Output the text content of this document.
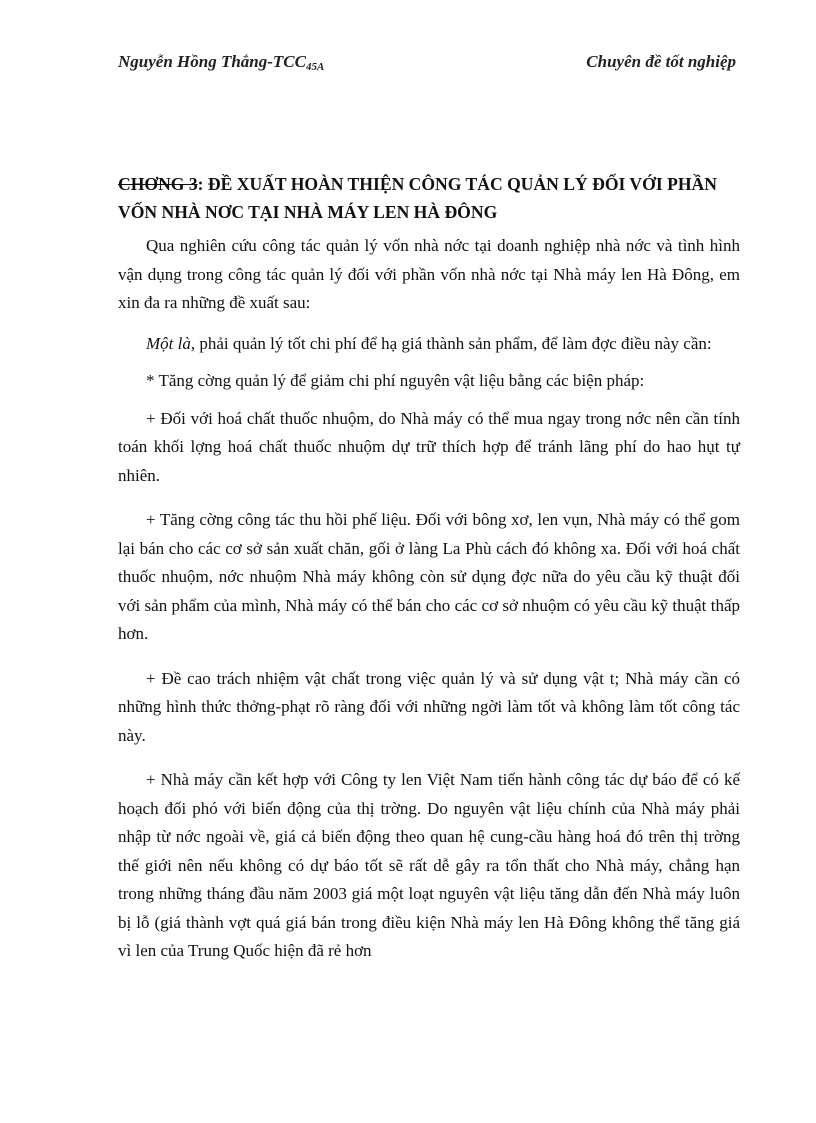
Nguyễn Hồng Thắng-$TCC_{45A}$	Chuyên đề tốt nghiệp
CHƠNG 3: ĐỀ XUẤT HOÀN THIỆN CÔNG TÁC QUẢN LÝ ĐỐI VỚI PHẦN VỐN NHÀ NƠC TẠI NHÀ MÁY LEN HÀ ĐÔNG

Qua nghiên cứu công tác quản lý vốn nhà nớc tại doanh nghiệp nhà nớc và tình hình vận dụng trong công tác quản lý đối với phần vốn nhà nớc tại Nhà máy len Hà Đông, em xin đa ra những đề xuất sau:

Một là, phải quản lý tốt chi phí để hạ giá thành sản phẩm, để làm đợc điều này cần:

* Tăng cờng quản lý để giảm chi phí nguyên vật liệu bằng các biện pháp:

+ Đối với hoá chất thuốc nhuộm, do Nhà máy có thể mua ngay trong nớc nên cần tính toán khối lợng hoá chất thuốc nhuộm dự trữ thích hợp để tránh lãng phí do hao hụt tự nhiên.

+ Tăng cờng công tác thu hồi phế liệu. Đối với bông xơ, len vụn, Nhà máy có thể gom lại bán cho các cơ sở sản xuất chăn, gối ở làng La Phù cách đó không xa. Đối với hoá chất thuốc nhuộm, nớc nhuộm Nhà máy không còn sử dụng đợc nữa do yêu cầu kỹ thuật đối với sản phẩm của mình, Nhà máy có thể bán cho các cơ sở nhuộm có yêu cầu kỹ thuật thấp hơn.

+ Đề cao trách nhiệm vật chất trong việc quản lý và sử dụng vật t; Nhà máy cần có những hình thức thởng-phạt rõ ràng đối với những ngời làm tốt và không làm tốt công tác này.

+ Nhà máy cần kết hợp với Công ty len Việt Nam tiến hành công tác dự báo để có kế hoạch đối phó với biến động của thị trờng. Do nguyên vật liệu chính của Nhà máy phải nhập từ nớc ngoài về, giá cả biến động theo quan hệ cung-cầu hàng hoá đó trên thị trờng thế giới nên nếu không có dự báo tốt sẽ rất dễ gây ra tổn thất cho Nhà máy, chẳng hạn trong những tháng đầu năm 2003 giá một loạt nguyên vật liệu tăng dẫn đến Nhà máy luôn bị lỗ (giá thành vợt quá giá bán trong điều kiện Nhà máy len Hà Đông không thể tăng giá vì len của Trung Quốc hiện đã rẻ hơn
